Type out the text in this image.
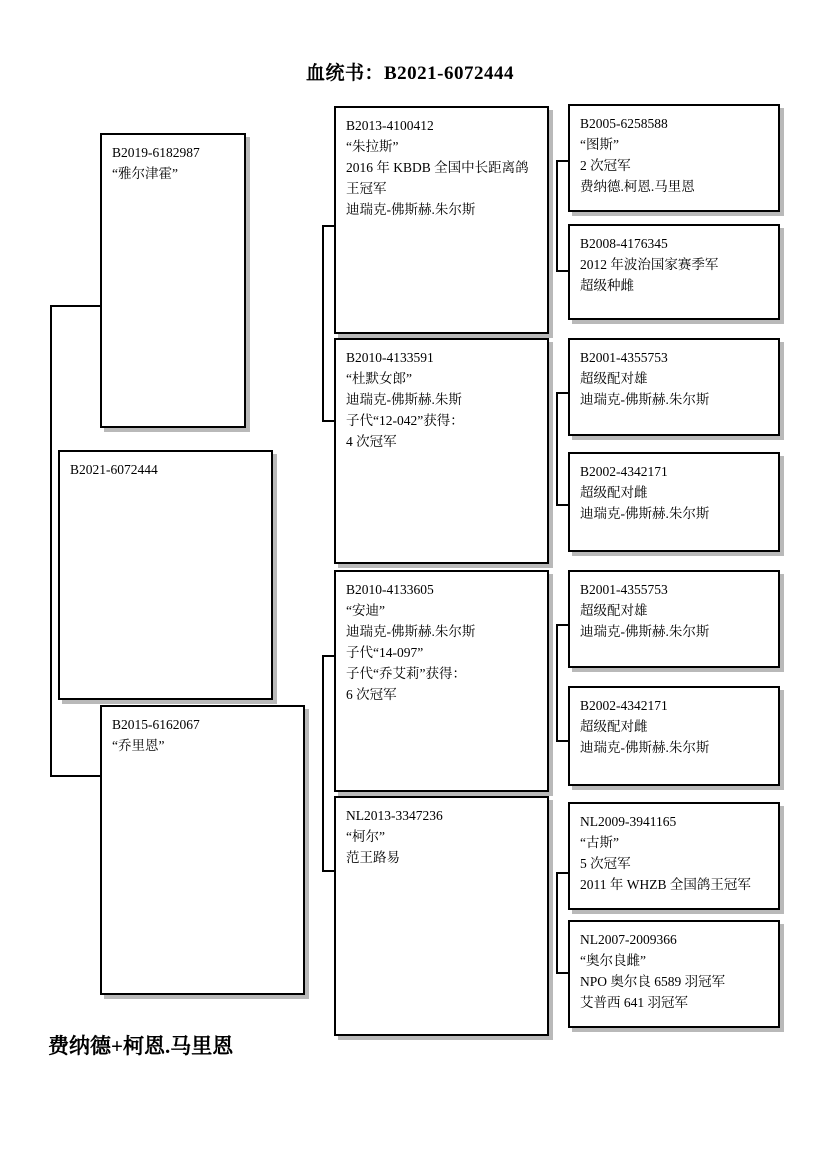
血统书：B2021-6072444
B2021-6072444
B2019-6182987
“雅尔津霍”
B2015-6162067
“乔里恩”
B2013-4100412
“朱拉斯”
2016 年 KBDB 全国中长距离鸽
王冠军
迪瑞克-佛斯赫.朱尔斯
B2010-4133591
“杜默女郎”
迪瑞克-佛斯赫.朱斯
子代“12-042”获得：
4 次冠军
B2010-4133605
“安迪”
迪瑞克-佛斯赫.朱尔斯
子代“14-097”
子代“乔艾莉”获得：
6 次冠军
NL2013-3347236
“柯尔”
范王路易
B2005-6258588
“图斯”
2 次冠军
费纳德.柯恩.马里恩
B2008-4176345
2012 年波治国家赛季军
超级种雌
B2001-4355753
超级配对雄
迪瑞克-佛斯赫.朱尔斯
B2002-4342171
超级配对雌
迪瑞克-佛斯赫.朱尔斯
B2001-4355753
超级配对雄
迪瑞克-佛斯赫.朱尔斯
B2002-4342171
超级配对雌
迪瑞克-佛斯赫.朱尔斯
NL2009-3941165
“古斯”
5 次冠军
2011 年 WHZB 全国鸽王冠军
NL2007-2009366
“奥尔良雌”
NPO 奥尔良 6589 羽冠军
艾普西 641 羽冠军
费纳德+柯恩.马里恩
